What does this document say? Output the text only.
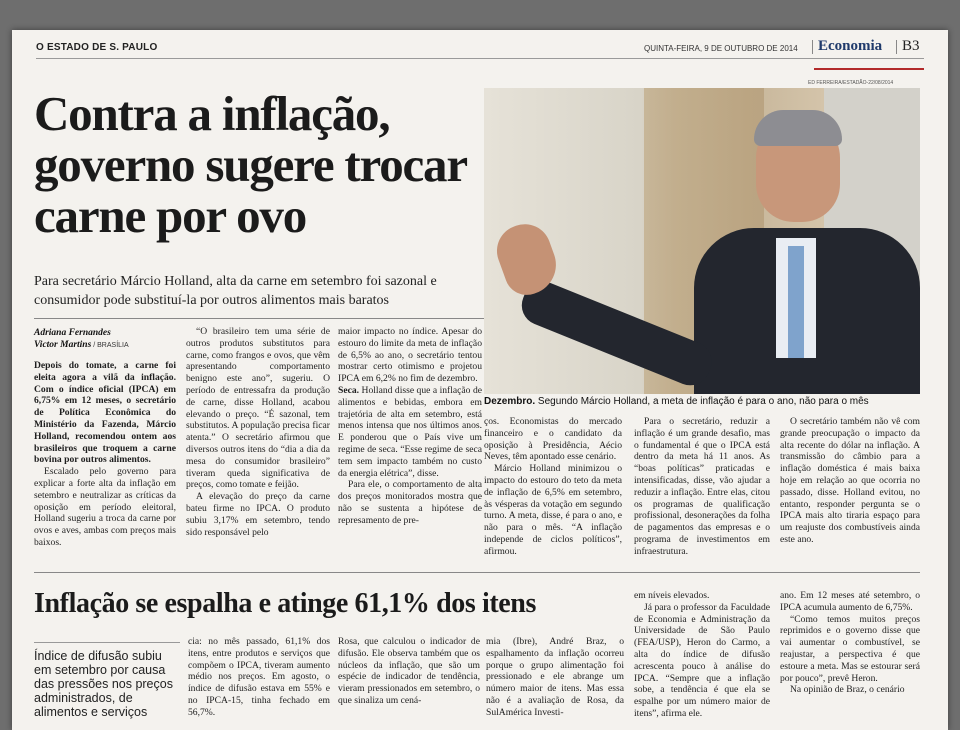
O ESTADO DE S. PAULO	QUINTA-FEIRA, 9 DE OUTUBRO DE 2014 Economia B3
Contra a inflação, governo sugere trocar carne por ovo
ED FERREIRA/ESTADÃO-22/08/2014
Dezembro. Segundo Márcio Holland, a meta de inflação é para o ano, não para o mês
Para secretário Márcio Holland, alta da carne em setembro foi sazonal e consumidor pode substituí-la por outros alimentos mais baratos
Adriana Fernandes
Victor Martins / BRASÍLIA

Depois do tomate, a carne foi eleita agora a vilã da inflação. Com o índice oficial (IPCA) em 6,75% em 12 meses, o secretário de Política Econômica do Ministério da Fazenda, Márcio Holland, recomendou ontem aos brasileiros que troquem a carne bovina por outros alimentos.

Escalado pelo governo para explicar a forte alta da inflação em setembro e neutralizar as críticas da oposição em período eleitoral, Holland sugeriu a troca da carne por ovos e aves, ambas com preços mais baixos.

“O brasileiro tem uma série de outros produtos substitutos para carne, como frangos e ovos, que vêm apresentando comportamento benigno este ano”, sugeriu. O período de entressafra da produção de carne, disse Holland, acabou elevando o preço. “É sazonal, tem substitutos. A população precisa ficar atenta.” O secretário afirmou que diversos outros itens do “dia a dia da mesa do consumidor brasileiro” tiveram queda significativa de preços, como tomate e feijão.

A elevação do preço da carne bateu firme no IPCA. O produto subiu 3,17% em setembro, tendo sido responsável pelo

maior impacto no índice. Apesar do estouro do limite da meta de inflação de 6,5% ao ano, o secretário tentou mostrar certo otimismo e projetou IPCA em 6,2% no fim de dezembro.

Seca. Holland disse que a inflação de alimentos e bebidas, embora em trajetória de alta em setembro, está menos intensa que nos últimos anos. E ponderou que o País vive um regime de seca. “Esse regime de seca tem sem impacto também no custo da energia elétrica”, disse.

Para ele, o comportamento de alta dos preços monitorados mostra que não se sustenta a hipótese de represamento de pre-

ços. Economistas do mercado financeiro e o candidato da oposição à Presidência, Aécio Neves, têm apontado esse cenário.

Márcio Holland minimizou o impacto do estouro do teto da meta de inflação de 6,5% em setembro, às vésperas da votação em segundo turno. A meta, disse, é para o ano, e não para o mês. “A inflação independe de ciclos políticos”, afirmou.

Para o secretário, reduzir a inflação é um grande desafio, mas o fundamental é que o IPCA está dentro da meta há 11 anos. As “boas políticas” praticadas e intensificadas, disse, vão ajudar a reduzir a inflação. Entre elas, citou os programas de qualificação profissional, desonerações da folha de pagamentos das empresas e o programa de investimentos em infraestrutura.

O secretário também não vê com grande preocupação o impacto da alta recente do dólar na inflação. A transmissão do câmbio para a inflação doméstica é mais baixa hoje em relação ao que ocorria no passado, disse. Holland evitou, no entanto, responder pergunta se o IPCA mais alto tiraria espaço para um reajuste dos combustíveis ainda este ano.

Inflação se espalha e atinge 61,1% dos itens
Índice de difusão subiu em setembro por causa das pressões nos preços administrados, de alimentos e serviços

cia: no mês passado, 61,1% dos itens, entre produtos e serviços que compõem o IPCA, tiveram aumento médio nos preços. Em agosto, o índice de difusão estava em 55% e no IPCA-15, tinha fechado em 56,7%.

Rosa, que calculou o indicador de difusão. Ele observa também que os núcleos da inflação, que são um espécie de indicador de tendência, vieram pressionados em setembro, o que sinaliza um cená-

mia (Ibre), André Braz, o espalhamento da inflação ocorreu porque o grupo alimentação foi pressionado e ele abrange um número maior de itens. Mas essa não é a avaliação de Rosa, da SulAmérica Investi-

em níveis elevados.

Já para o professor da Faculdade de Economia e Administração da Universidade de São Paulo (FEA/USP), Heron do Carmo, a alta do índice de difusão acrescenta pouco à análise do IPCA. “Sempre que a inflação sobe, a tendência é que ela se espalhe por um número maior de itens”, afirma ele.

ano. Em 12 meses até setembro, o IPCA acumula aumento de 6,75%.

“Como temos muitos preços reprimidos e o governo disse que vai aumentar o combustível, se reajustar, a perspectiva é que estoure a meta. Mas se estourar será por pouco”, prevê Heron.

Na opinião de Braz, o cenário
